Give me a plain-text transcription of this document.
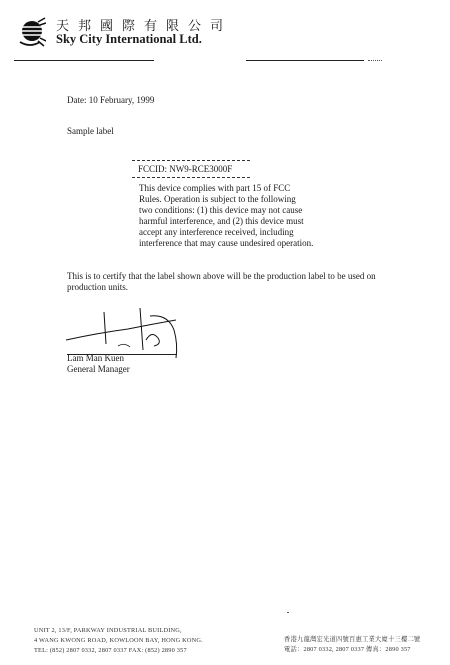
天邦國際有限公司
Sky City International Ltd.
Date: 10 February, 1999
Sample label
FCCID: NW9-RCE3000F
This device complies with part 15 of FCC
Rules. Operation is subject to the following
two conditions: (1) this device may not cause
harmful interference, and (2) this device must
accept any interference received, including
interference that may cause undesired operation.
This is to certify that the label shown above will be the production label to be used on
production units.
Lam Man Kuen
General Manager
UNIT 2, 13/F, PARKWAY INDUSTRIAL BUILDING,
4 WANG KWONG ROAD, KOWLOON BAY, HONG KONG.
TEL: (852) 2807 0332, 2807 0337 FAX: (852) 2890 357
香港九龍灣宏光道四號百惠工業大廈十三樓二號
電話：2807 0332, 2807 0337 傳真：2890 357
